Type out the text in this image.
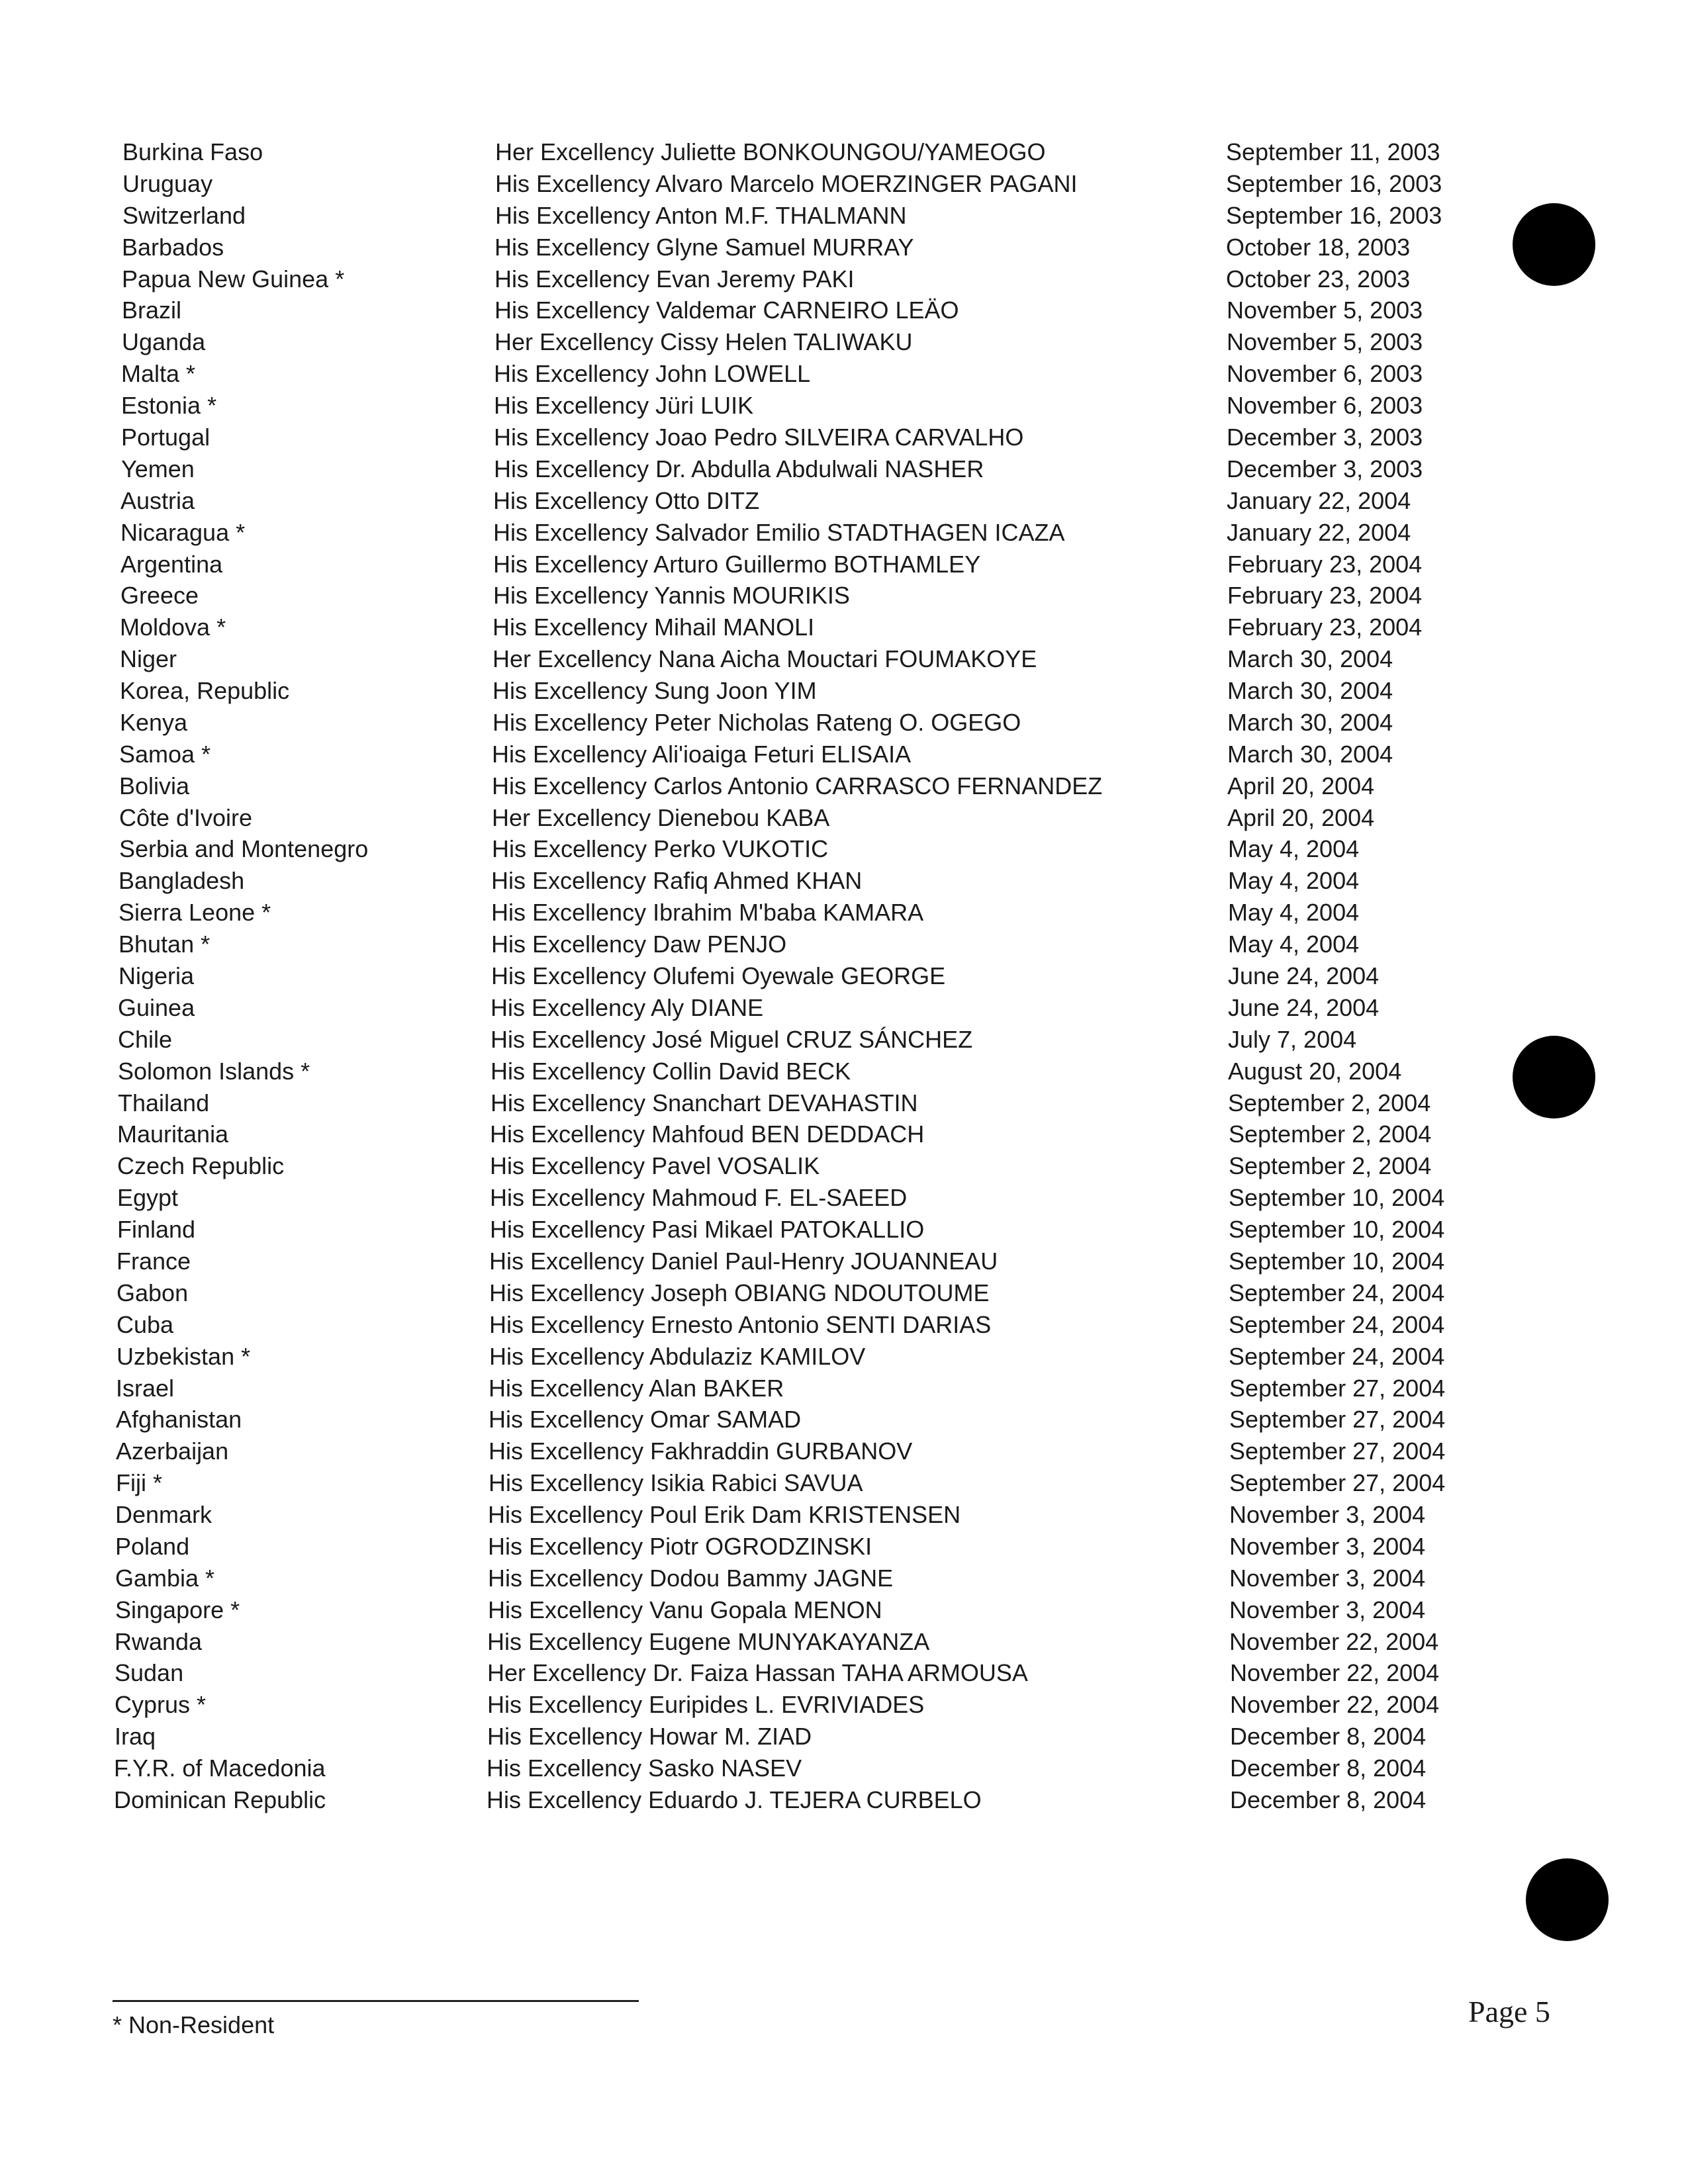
Burkina Faso	Her Excellency Juliette BONKOUNGOU/YAMEOGO	September 11, 2003
Uruguay	His Excellency Alvaro Marcelo MOERZINGER PAGANI	September 16, 2003
Switzerland	His Excellency Anton M.F. THALMANN	September 16, 2003
Barbados	His Excellency Glyne Samuel MURRAY	October 18, 2003
Papua New Guinea *	His Excellency Evan Jeremy PAKI	October 23, 2003
Brazil	His Excellency Valdemar CARNEIRO LEÄO	November 5, 2003
Uganda	Her Excellency Cissy Helen TALIWAKU	November 5, 2003
Malta *	His Excellency John LOWELL	November 6, 2003
Estonia *	His Excellency Jüri LUIK	November 6, 2003
Portugal	His Excellency Joao Pedro SILVEIRA CARVALHO	December 3, 2003
Yemen	His Excellency Dr. Abdulla Abdulwali NASHER	December 3, 2003
Austria	His Excellency Otto DITZ	January 22, 2004
Nicaragua *	His Excellency Salvador Emilio STADTHAGEN ICAZA	January 22, 2004
Argentina	His Excellency Arturo Guillermo BOTHAMLEY	February 23, 2004
Greece	His Excellency Yannis MOURIKIS	February 23, 2004
Moldova *	His Excellency Mihail MANOLI	February 23, 2004
Niger	Her Excellency Nana Aicha Mouctari FOUMAKOYE	March 30, 2004
Korea, Republic	His Excellency Sung Joon YIM	March 30, 2004
Kenya	His Excellency Peter Nicholas Rateng O. OGEGO	March 30, 2004
Samoa *	His Excellency Ali'ioaiga Feturi ELISAIA	March 30, 2004
Bolivia	His Excellency Carlos Antonio CARRASCO FERNANDEZ	April 20, 2004
Côte d'Ivoire	Her Excellency Dienebou KABA	April 20, 2004
Serbia and Montenegro	His Excellency Perko VUKOTIC	May 4, 2004
Bangladesh	His Excellency Rafiq Ahmed KHAN	May 4, 2004
Sierra Leone *	His Excellency Ibrahim M'baba KAMARA	May 4, 2004
Bhutan *	His Excellency Daw PENJO	May 4, 2004
Nigeria	His Excellency Olufemi Oyewale GEORGE	June 24, 2004
Guinea	His Excellency Aly DIANE	June 24, 2004
Chile	His Excellency José Miguel CRUZ SÁNCHEZ	July 7, 2004
Solomon Islands *	His Excellency Collin David BECK	August 20, 2004
Thailand	His Excellency Snanchart DEVAHASTIN	September 2, 2004
Mauritania	His Excellency Mahfoud BEN DEDDACH	September 2, 2004
Czech Republic	His Excellency Pavel VOSALIK	September 2, 2004
Egypt	His Excellency Mahmoud F. EL-SAEED	September 10, 2004
Finland	His Excellency Pasi Mikael PATOKALLIO	September 10, 2004
France	His Excellency Daniel Paul-Henry JOUANNEAU	September 10, 2004
Gabon	His Excellency Joseph OBIANG NDOUTOUME	September 24, 2004
Cuba	His Excellency Ernesto Antonio SENTI DARIAS	September 24, 2004
Uzbekistan *	His Excellency Abdulaziz KAMILOV	September 24, 2004
Israel	His Excellency Alan BAKER	September 27, 2004
Afghanistan	His Excellency Omar SAMAD	September 27, 2004
Azerbaijan	His Excellency Fakhraddin GURBANOV	September 27, 2004
Fiji *	His Excellency Isikia Rabici SAVUA	September 27, 2004
Denmark	His Excellency Poul Erik Dam KRISTENSEN	November 3, 2004
Poland	His Excellency Piotr OGRODZINSKI	November 3, 2004
Gambia *	His Excellency Dodou Bammy JAGNE	November 3, 2004
Singapore *	His Excellency Vanu Gopala MENON	November 3, 2004
Rwanda	His Excellency Eugene MUNYAKAYANZA	November 22, 2004
Sudan	Her Excellency Dr. Faiza Hassan TAHA ARMOUSA	November 22, 2004
Cyprus *	His Excellency Euripides L. EVRIVIADES	November 22, 2004
Iraq	His Excellency Howar M. ZIAD	December 8, 2004
F.Y.R. of Macedonia	His Excellency Sasko NASEV	December 8, 2004
Dominican Republic	His Excellency Eduardo J. TEJERA CURBELO	December 8, 2004
* Non-Resident	Page 5
